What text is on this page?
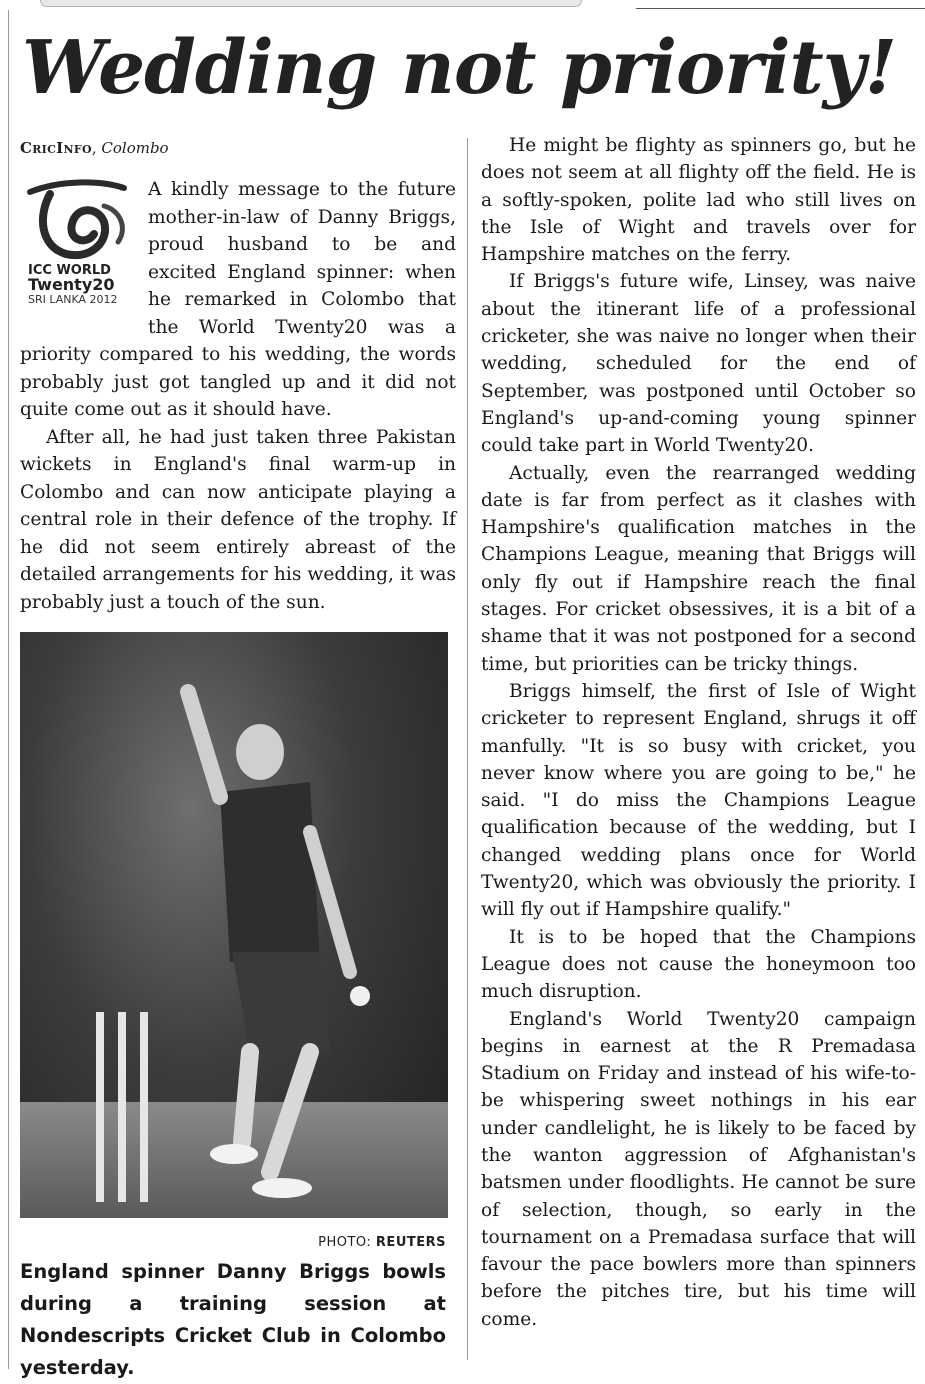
Wedding not priority!
CricInfo, Colombo

A kindly message to the future mother-in-law of Danny Briggs, proud husband to be and excited England spinner: when he remarked in Colombo that the World Twenty20 was a priority compared to his wedding, the words probably just got tangled up and it did not quite come out as it should have.

After all, he had just taken three Pakistan wickets in England's final warm-up in Colombo and can now anticipate playing a central role in their defence of the trophy. If he did not seem entirely abreast of the detailed arrangements for his wedding, it was probably just a touch of the sun.

ICC WORLD
Twenty20
SRI LANKA 2012
PHOTO: REUTERS
England spinner Danny Briggs bowls during a training session at Nondescripts Cricket Club in Colombo yesterday.

He might be flighty as spinners go, but he does not seem at all flighty off the field. He is a softly-spoken, polite lad who still lives on the Isle of Wight and travels over for Hampshire matches on the ferry.

If Briggs's future wife, Linsey, was naive about the itinerant life of a professional cricketer, she was naive no longer when their wedding, scheduled for the end of September, was postponed until October so England's up-and-coming young spinner could take part in World Twenty20.

Actually, even the rearranged wedding date is far from perfect as it clashes with Hampshire's qualification matches in the Champions League, meaning that Briggs will only fly out if Hampshire reach the final stages. For cricket obsessives, it is a bit of a shame that it was not postponed for a second time, but priorities can be tricky things.

Briggs himself, the first of Isle of Wight cricketer to represent England, shrugs it off manfully. "It is so busy with cricket, you never know where you are going to be," he said. "I do miss the Champions League qualification because of the wedding, but I changed wedding plans once for World Twenty20, which was obviously the priority. I will fly out if Hampshire qualify."

It is to be hoped that the Champions League does not cause the honeymoon too much disruption.

England's World Twenty20 campaign begins in earnest at the R Premadasa Stadium on Friday and instead of his wife-to-be whispering sweet nothings in his ear under candlelight, he is likely to be faced by the wanton aggression of Afghanistan's batsmen under floodlights. He cannot be sure of selection, though, so early in the tournament on a Premadasa surface that will favour the pace bowlers more than spinners before the pitches tire, but his time will come.
